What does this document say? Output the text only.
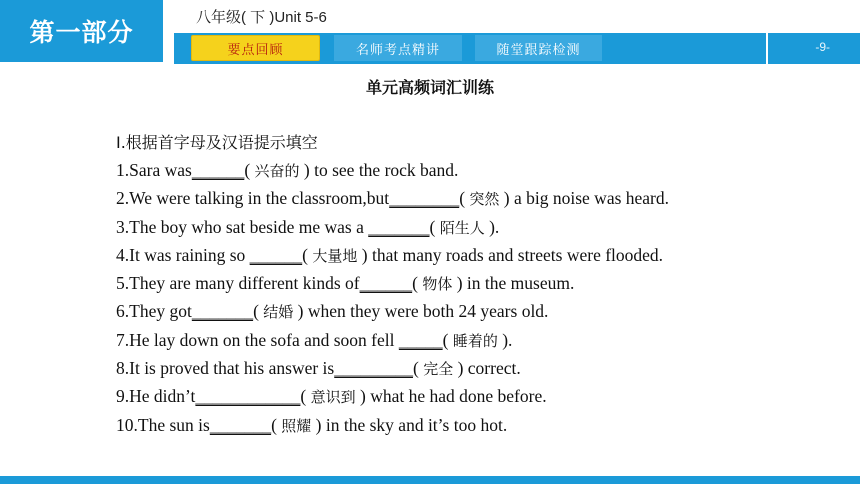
第一部分
八年级( 下 )Unit 5-6
要点回顾	名师考点精讲	随堂跟踪检测	-9-
单元高频词汇训练
Ⅰ.根据首字母及汉语提示填空
1.Sara was______( 兴奋的 ) to see the rock band.
2.We were talking in the classroom,but________( 突然 ) a big noise was heard.
3.The boy who sat beside me was a _______( 陌生人 ).
4.It was raining so ______( 大量地 ) that many roads and streets were flooded.
5.They are many different kinds of______( 物体 ) in the museum.
6.They got_______( 结婚 ) when they were both 24 years old.
7.He lay down on the sofa and soon fell _____( 睡着的 ).
8.It is proved that his answer is_________( 完全 ) correct.
9.He didn’t____________( 意识到 ) what he had done before.
10.The sun is_______( 照耀 ) in the sky and it’s too hot.
